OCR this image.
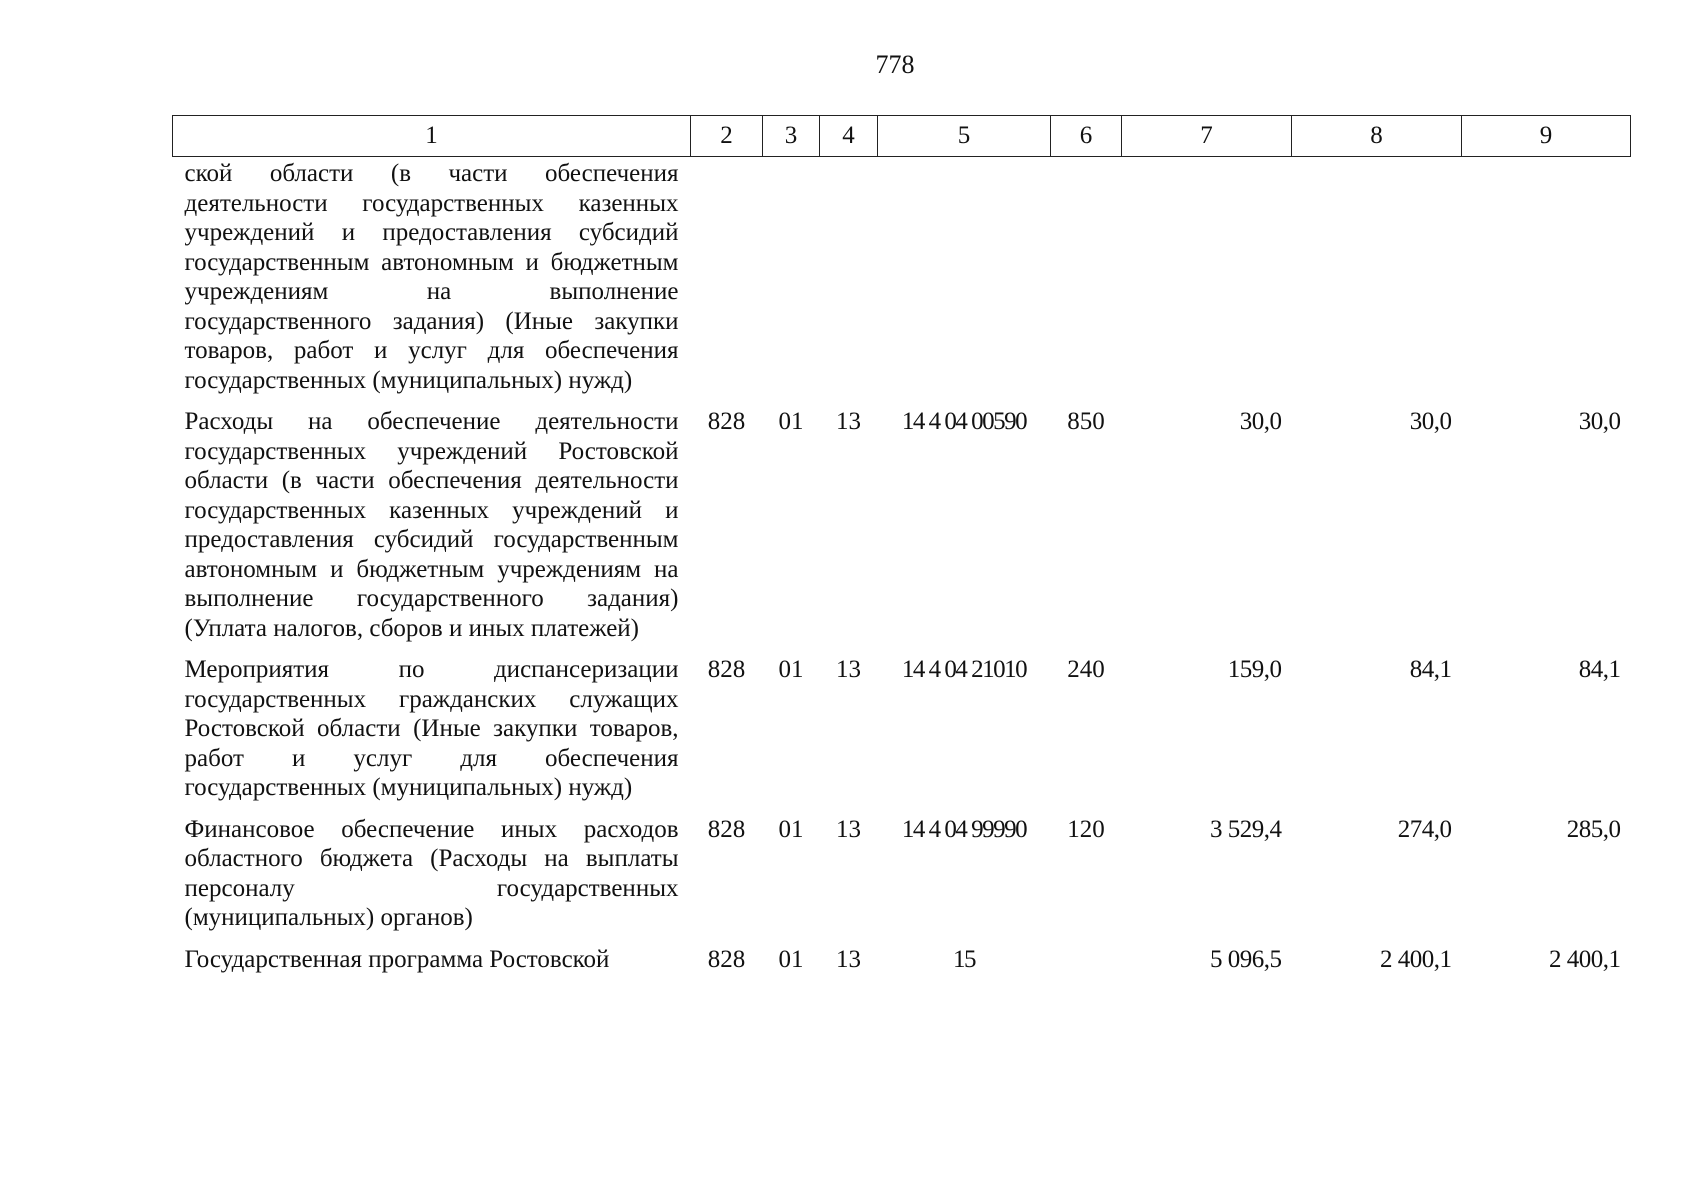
778
1	2	3	4	5	6	7	8	9
ской области (в части обеспечения деятельности государственных казенных учреждений и предоставления субсидий государственным автономным и бюджетным учреждениям на выполнение государственного задания) (Иные закупки товаров, работ и услуг для обеспечения государственных (муниципальных) нужд)								
Расходы на обеспечение деятельности государственных учреждений Ростовской области (в части обеспечения деятельности государственных казенных учреждений и предоставления субсидий государственным автономным и бюджетным учреждениям на выполнение государственного задания) (Уплата налогов, сборов и иных платежей)	828	01	13	14 4 04 00590	850	30,0	30,0	30,0
Мероприятия по диспансеризации государственных гражданских служащих Ростовской области (Иные закупки товаров, работ и услуг для обеспечения государственных (муниципальных) нужд)	828	01	13	14 4 04 21010	240	159,0	84,1	84,1
Финансовое обеспечение иных расходов областного бюджета (Расходы на выплаты персоналу государственных (муниципальных) органов)	828	01	13	14 4 04 99990	120	3 529,4	274,0	285,0
Государственная программа Ростовской	828	01	13	15		5 096,5	2 400,1	2 400,1
